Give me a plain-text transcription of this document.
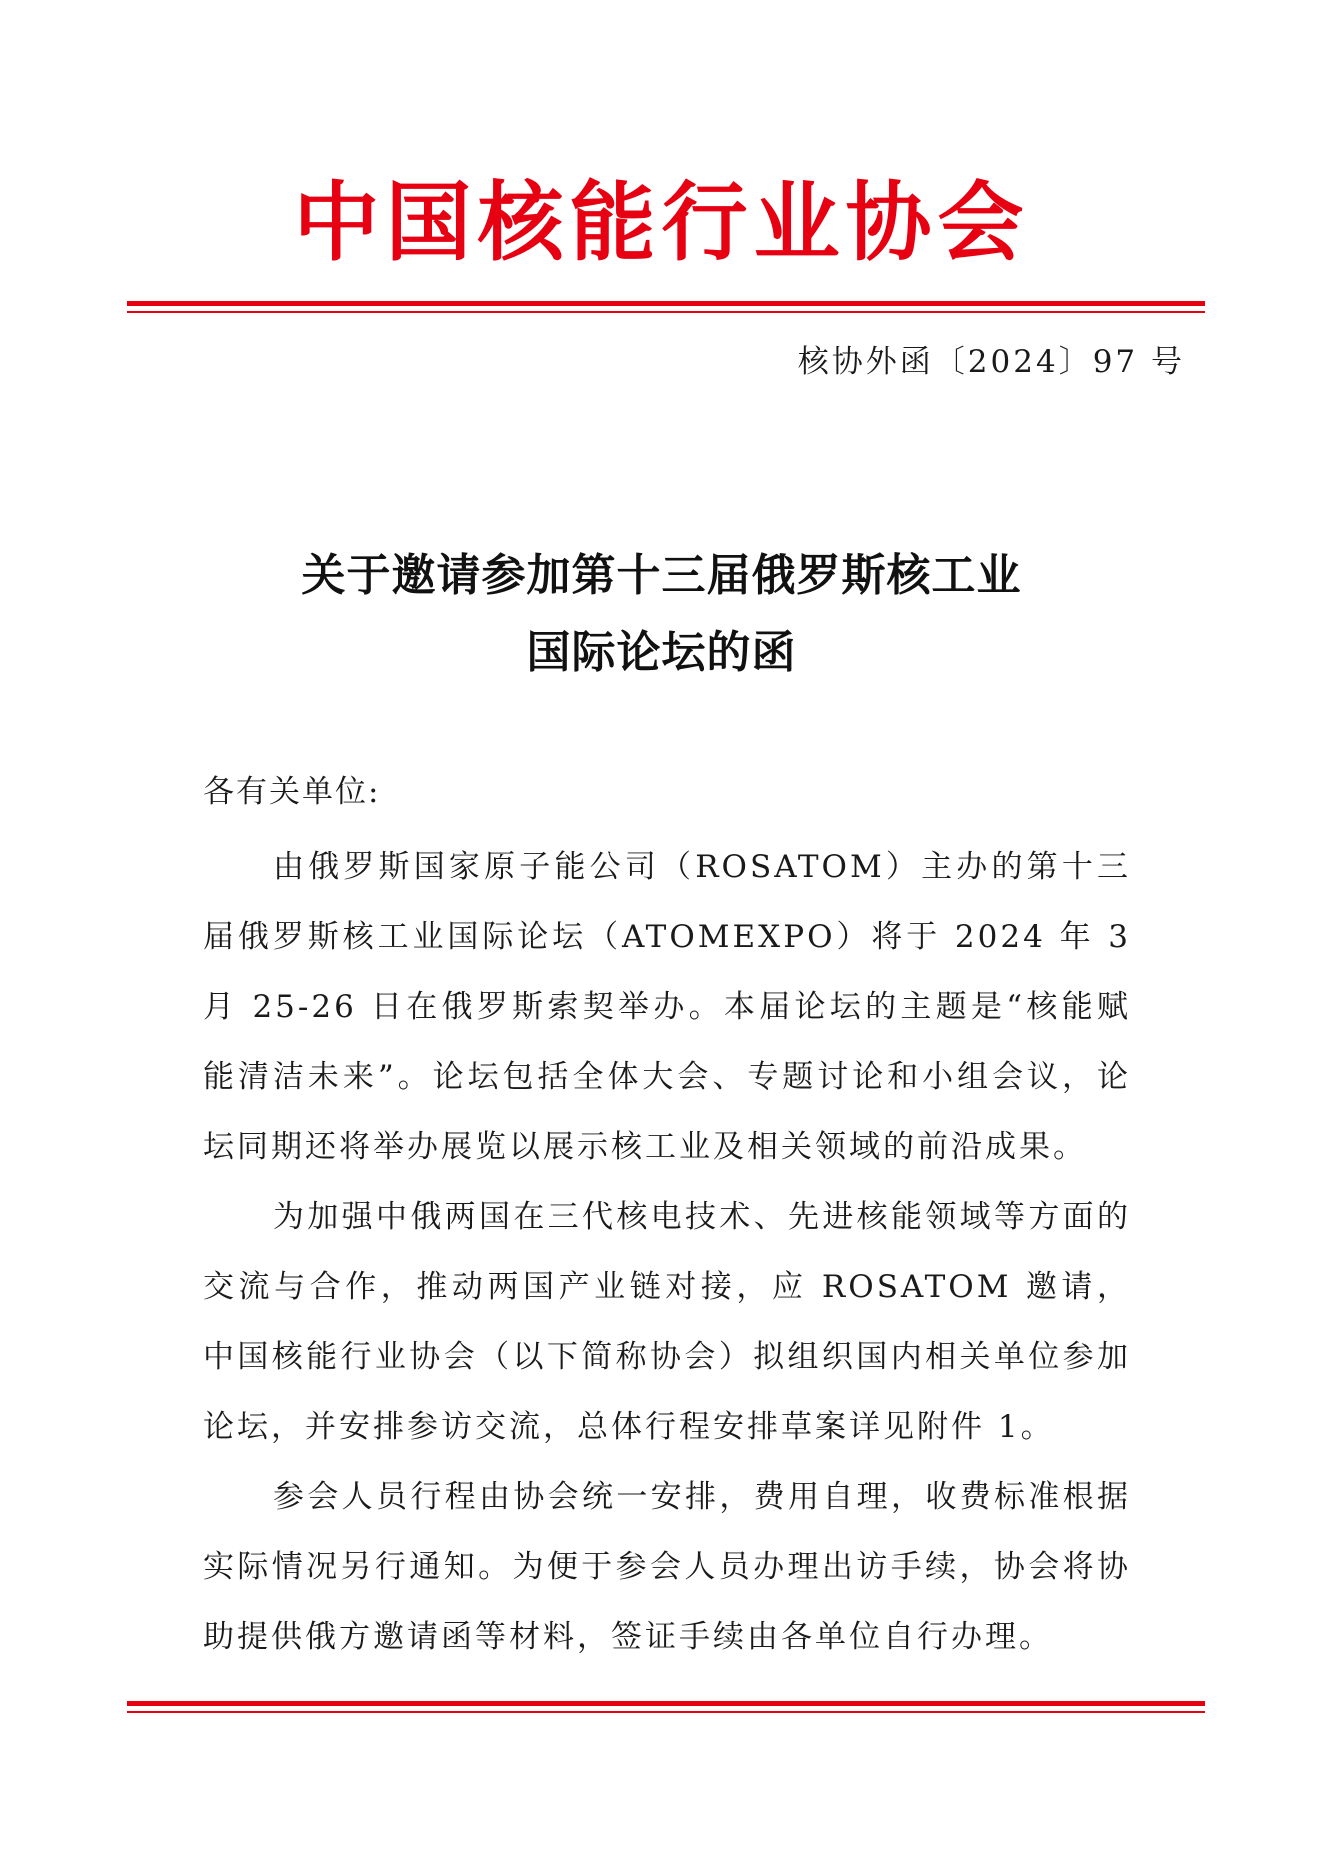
中国核能行业协会
核协外函〔2024〕97 号
关于邀请参加第十三届俄罗斯核工业
国际论坛的函
各有关单位:

由俄罗斯国家原子能公司（ROSATOM）主办的第十三届俄罗斯核工业国际论坛（ATOMEXPO）将于 2024 年 3 月 25-26 日在俄罗斯索契举办。本届论坛的主题是“核能赋能清洁未来”。论坛包括全体大会、专题讨论和小组会议，论坛同期还将举办展览以展示核工业及相关领域的前沿成果。

为加强中俄两国在三代核电技术、先进核能领域等方面的交流与合作，推动两国产业链对接，应 ROSATOM 邀请，中国核能行业协会（以下简称协会）拟组织国内相关单位参加论坛，并安排参访交流，总体行程安排草案详见附件 1。

参会人员行程由协会统一安排，费用自理，收费标准根据实际情况另行通知。为便于参会人员办理出访手续，协会将协助提供俄方邀请函等材料，签证手续由各单位自行办理。
